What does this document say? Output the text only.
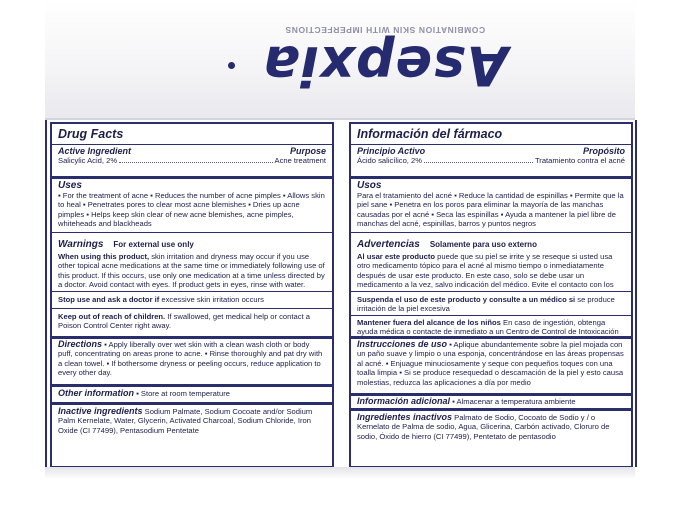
Asepxia
COMBINATION SKIN WITH IMPERFECTIONS
Drug Facts
Active Ingredient	Purpose
Salicylic Acid, 2%	Acne treatment
Uses
▪ For the treatment of acne ▪ Reduces the number of acne pimples ▪ Allows skin to heal ▪ Penetrates pores to clear most acne blemishes ▪ Dries up acne pimples ▪ Helps keep skin clear of new acne blemishes, acne pimples, whiteheads and blackheads
Warnings For external use only
When using this product, skin irritation and dryness may occur if you use other topical acne medications at the same time or immediately following use of this product. If this occurs, use only one medication at a time unless directed by a doctor. Avoid contact with eyes. If product gets in eyes, rinse with water.
Stop use and ask a doctor if excessive skin irritation occurs
Keep out of reach of children. If swallowed, get medical help or contact a Poison Control Center right away.
Directions ▪ Apply liberally over wet skin with a clean wash cloth or body puff, concentrating on areas prone to acne. ▪ Rinse thoroughly and pat dry with a clean towel. ▪ If bothersome dryness or peeling occurs, reduce application to every other day.
Other information ▪ Store at room temperature
Inactive ingredients Sodium Palmate, Sodium Cocoate and/or Sodium Palm Kernelate, Water, Glycerin, Activated Charcoal, Sodium Chloride, Iron Oxide (CI 77499), Pentasodium Pentetate
Información del fármaco
Principio Activo	Propósito
Ácido salicílico, 2%	Tratamiento contra el acné
Usos
Para el tratamiento del acné ▪ Reduce la cantidad de espinillas ▪ Permite que la piel sane ▪ Penetra en los poros para eliminar la mayoría de las manchas causadas por el acné ▪ Seca las espinillas ▪ Ayuda a mantener la piel libre de manchas del acné, espinillas, barros y puntos negros
Advertencias Solamente para uso externo
Al usar este producto puede que su piel se irrite y se reseque si usted usa otro medicamento tópico para el acné al mismo tiempo o inmediatamente después de usar este producto. En este caso, solo se debe usar un medicamento a la vez, salvo indicación del médico. Evite el contacto con los
Suspenda el uso de este producto y consulte a un médico si se produce irritación de la piel excesiva
Mantener fuera del alcance de los niños En caso de ingestión, obtenga ayuda médica o contacte de inmediato a un Centro de Control de Intoxicación
Instrucciones de uso ▪ Aplique abundantemente sobre la piel mojada con un paño suave y limpio o una esponja, concentrándose en las áreas propensas al acné. ▪ Enjuague minuciosamente y seque con pequeños toques con una toalla limpia ▪ Si se produce resequedad o descamación de la piel y esto causa molestias, reduzca las aplicaciones a día por medio
Información adicional ▪ Almacenar a temperatura ambiente
Ingredientes inactivos Palmato de Sodio, Cocoato de Sodio y / o Kernelato de Palma de sodio, Agua, Glicerina, Carbón activado, Cloruro de sodio, Óxido de hierro (CI 77499), Pentetato de pentasodio
